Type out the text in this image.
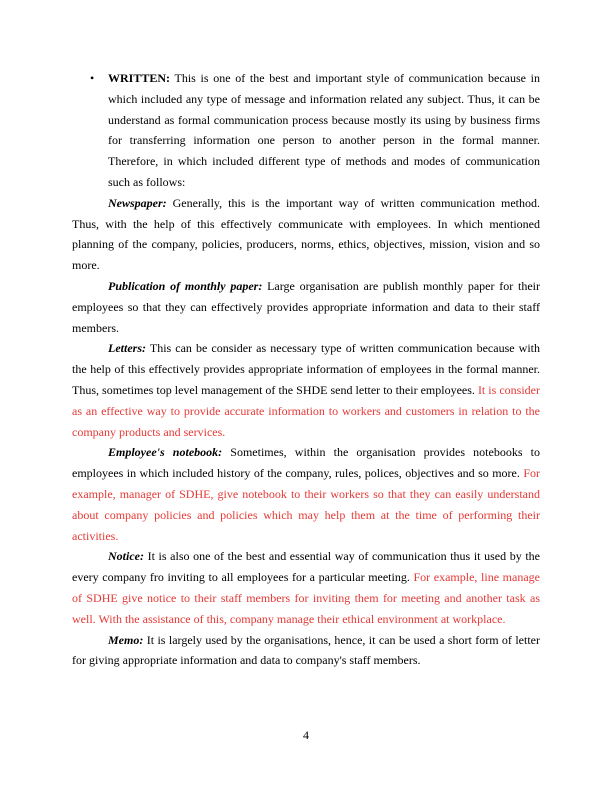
•	WRITTEN: This is one of the best and important style of communication because in which included any type of message and information related any subject. Thus, it can be understand as formal communication process because mostly its using by business firms for transferring information one person to another person in the formal manner. Therefore, in which included different type of methods and modes of communication such as follows:

Newspaper: Generally, this is the important way of written communication method. Thus, with the help of this effectively communicate with employees. In which mentioned planning of the company, policies, producers, norms, ethics, objectives, mission, vision and so more.

Publication of monthly paper: Large organisation are publish monthly paper for their employees so that they can effectively provides appropriate information and data to their staff members.

Letters: This can be consider as necessary type of written communication because with the help of this effectively provides appropriate information of employees in the formal manner. Thus, sometimes top level management of the SHDE send letter to their employees. It is consider as an effective way to provide accurate information to workers and customers in relation to the company products and services.

Employee's notebook: Sometimes, within the organisation provides notebooks to employees in which included history of the company, rules, polices, objectives and so more. For example, manager of SDHE, give notebook to their workers so that they can easily understand about company policies and policies which may help them at the time of performing their activities.

Notice: It is also one of the best and essential way of communication thus it used by the every company fro inviting to all employees for a particular meeting. For example, line manage of SDHE give notice to their staff members for inviting them for meeting and another task as well. With the assistance of this, company manage their ethical environment at workplace.

Memo: It is largely used by the organisations, hence, it can be used a short form of letter for giving appropriate information and data to company's staff members.

4
